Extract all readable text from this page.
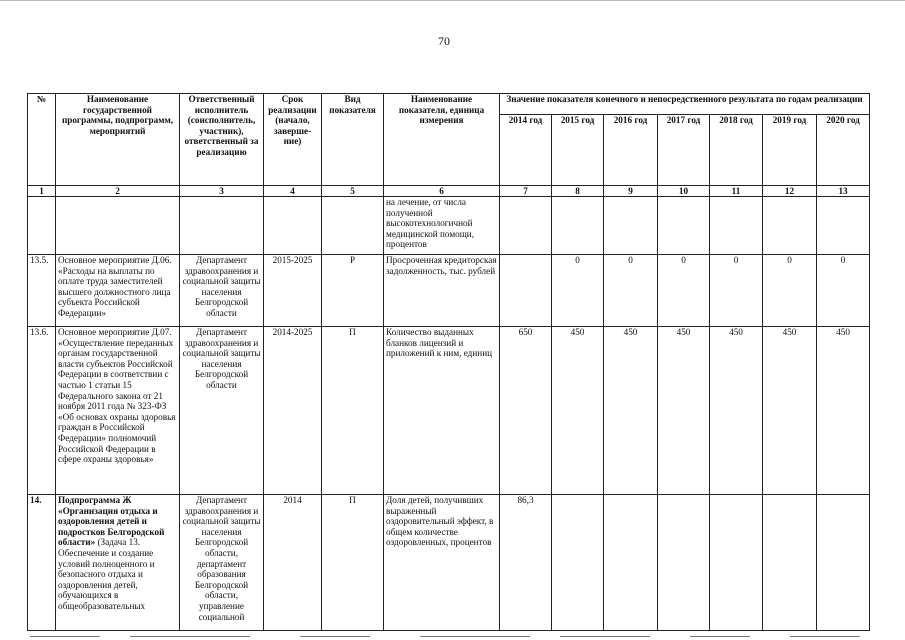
70
№	Наименование государственной программы, подпрограмм, мероприятий	Ответственный исполнитель (соисполнитель, участник), ответственный за реализацию	Срок реализации (начало, заверше-ние)	Вид показателя	Наименование показателя, единица измерения	Значение показателя конечного и непосредственного результата по годам реализации						
						2014 год	2015 год	2016 год	2017 год	2018 год	2019 год	2020 год
1	2	3	4	5	6	7	8	9	10	11	12	13
					на лечение, от числа полученной высокотехнологичной медицинской помощи, процентов							
13.5.	Основное мероприятие Д.06. «Расходы на выплаты по оплате труда заместителей высшего должностного лица субъекта Российской Федерации»	Департамент здравоохранения и социальной защиты населения Белгородской области	2015-2025	Р	Просроченная кредиторская задолженность, тыс. рублей		0	0	0	0	0	0
13.6.	Основное мероприятие Д.07. «Осуществление переданных органам государственной власти субъектов Российской Федерации в соответствии с частью 1 статьи 15 Федерального закона от 21 ноября 2011 года № 323-ФЗ «Об основах охраны здоровья граждан в Российской Федерации» полномочий Российской Федерации в сфере охраны здоровья»	Департамент здравоохранения и социальной защиты населения Белгородской области	2014-2025	П	Количество выданных бланков лицензий и приложений к ним, единиц	650	450	450	450	450	450	450
14.	Подпрограмма Ж «Организация отдыха и оздоровления детей и подростков Белгородской области» (Задача 13. Обеспечение и создание условий полноценного и безопасного отдыха и оздоровления детей, обучающихся в общеобразовательных	Департамент здравоохранения и социальной защиты населения Белгородской области, департамент образования Белгородской области, управление социальной	2014	П	Доля детей, получивших выраженный оздоровительный эффект, в общем количестве оздоровленных, процентов	86,3						
